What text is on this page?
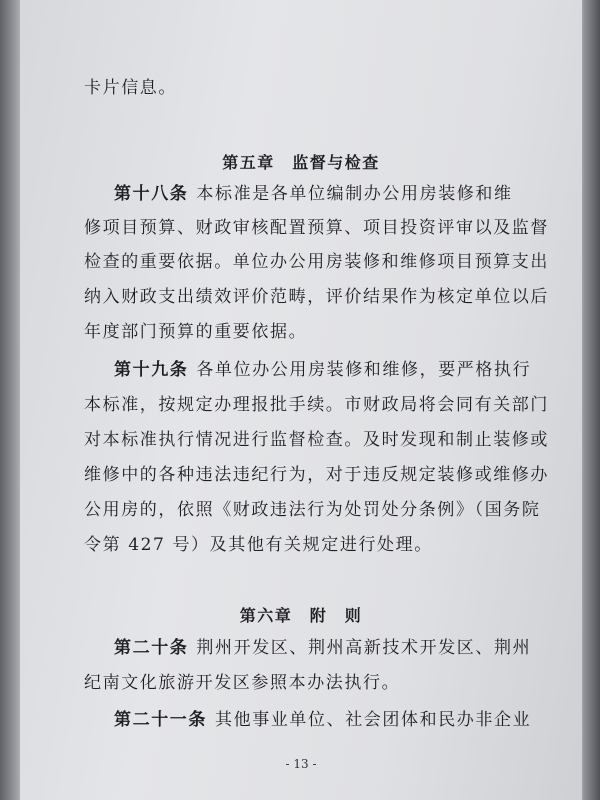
卡片信息。
第五章　监督与检查
第十八条 本标准是各单位编制办公用房装修和维
修项目预算、财政审核配置预算、项目投资评审以及监督
检查的重要依据。单位办公用房装修和维修项目预算支出
纳入财政支出绩效评价范畴，评价结果作为核定单位以后
年度部门预算的重要依据。
第十九条 各单位办公用房装修和维修，要严格执行
本标准，按规定办理报批手续。市财政局将会同有关部门
对本标准执行情况进行监督检查。及时发现和制止装修或
维修中的各种违法违纪行为，对于违反规定装修或维修办
公用房的，依照《财政违法行为处罚处分条例》（国务院
令第 427 号）及其他有关规定进行处理。
第六章　附　则
第二十条 荆州开发区、荆州高新技术开发区、荆州
纪南文化旅游开发区参照本办法执行。
第二十一条 其他事业单位、社会团体和民办非企业
- 13 -
